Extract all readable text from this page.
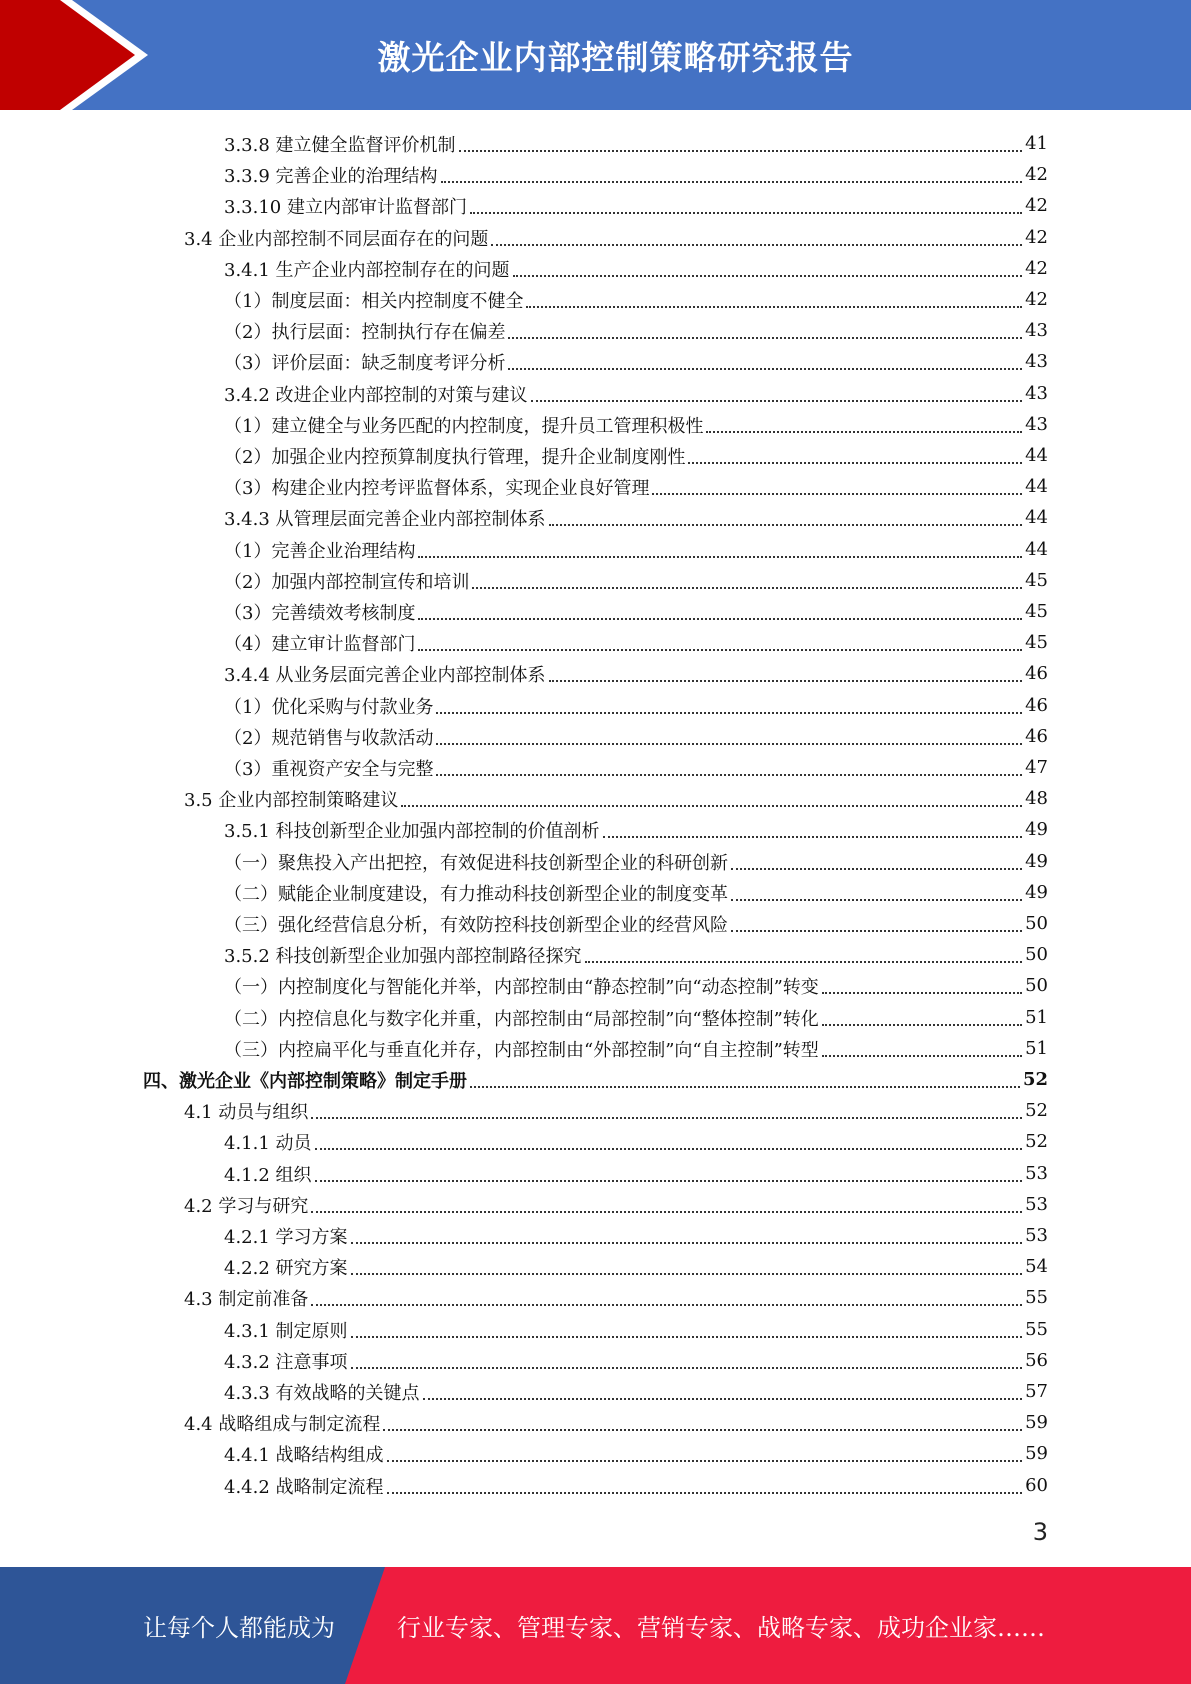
激光企业内部控制策略研究报告
3.3.8 建立健全监督评价机制	41
3.3.9 完善企业的治理结构	42
3.3.10 建立内部审计监督部门	42
3.4 企业内部控制不同层面存在的问题	42
3.4.1 生产企业内部控制存在的问题	42
（1）制度层面：相关内控制度不健全	42
（2）执行层面：控制执行存在偏差	43
（3）评价层面：缺乏制度考评分析	43
3.4.2 改进企业内部控制的对策与建议	43
（1）建立健全与业务匹配的内控制度，提升员工管理积极性	43
（2）加强企业内控预算制度执行管理，提升企业制度刚性	44
（3）构建企业内控考评监督体系，实现企业良好管理	44
3.4.3 从管理层面完善企业内部控制体系	44
（1）完善企业治理结构	44
（2）加强内部控制宣传和培训	45
（3）完善绩效考核制度	45
（4）建立审计监督部门	45
3.4.4 从业务层面完善企业内部控制体系	46
（1）优化采购与付款业务	46
（2）规范销售与收款活动	46
（3）重视资产安全与完整	47
3.5 企业内部控制策略建议	48
3.5.1 科技创新型企业加强内部控制的价值剖析	49
（一）聚焦投入产出把控，有效促进科技创新型企业的科研创新	49
（二）赋能企业制度建设，有力推动科技创新型企业的制度变革	49
（三）强化经营信息分析，有效防控科技创新型企业的经营风险	50
3.5.2 科技创新型企业加强内部控制路径探究	50
（一）内控制度化与智能化并举，内部控制由“静态控制”向“动态控制”转变	50
（二）内控信息化与数字化并重，内部控制由“局部控制”向“整体控制”转化	51
（三）内控扁平化与垂直化并存，内部控制由“外部控制”向“自主控制”转型	51
四、激光企业《内部控制策略》制定手册	52
4.1 动员与组织	52
4.1.1 动员	52
4.1.2 组织	53
4.2 学习与研究	53
4.2.1 学习方案	53
4.2.2 研究方案	54
4.3 制定前准备	55
4.3.1 制定原则	55
4.3.2 注意事项	56
4.3.3 有效战略的关键点	57
4.4 战略组成与制定流程	59
4.4.1 战略结构组成	59
4.4.2 战略制定流程	60
3
让每个人都能成为	行业专家、管理专家、营销专家、战略专家、成功企业家……
